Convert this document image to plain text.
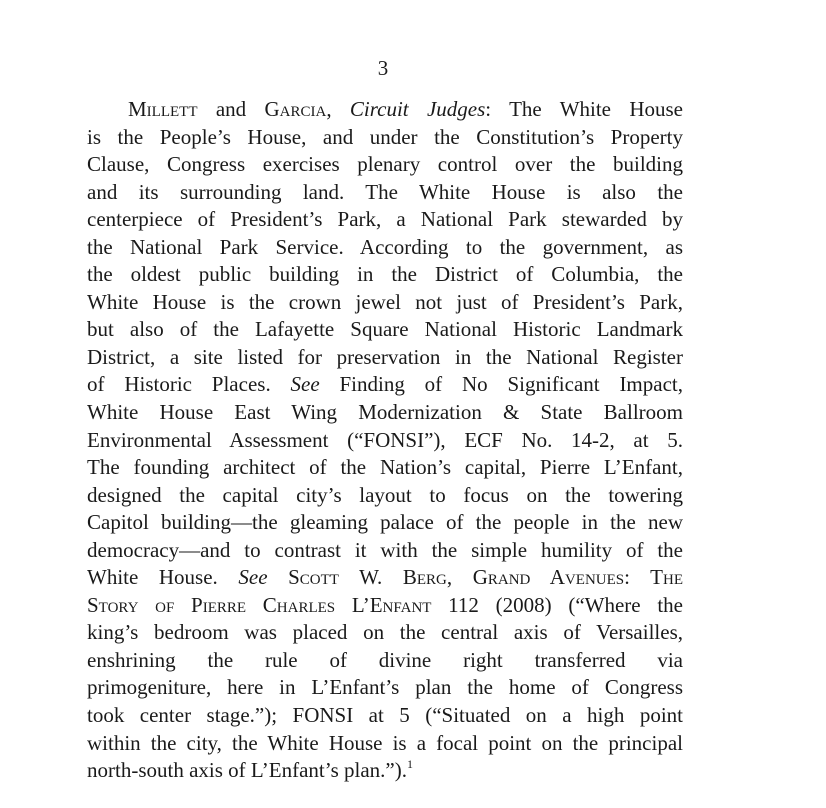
3
Millett and Garcia, Circuit Judges: The White House
is the People’s House, and under the Constitution’s Property
Clause, Congress exercises plenary control over the building
and its surrounding land. The White House is also the
centerpiece of President’s Park, a National Park stewarded by
the National Park Service. According to the government, as
the oldest public building in the District of Columbia, the
White House is the crown jewel not just of President’s Park,
but also of the Lafayette Square National Historic Landmark
District, a site listed for preservation in the National Register
of Historic Places. See Finding of No Significant Impact,
White House East Wing Modernization & State Ballroom
Environmental Assessment (“FONSI”), ECF No. 14-2, at 5.
The founding architect of the Nation’s capital, Pierre L’Enfant,
designed the capital city’s layout to focus on the towering
Capitol building—the gleaming palace of the people in the new
democracy—and to contrast it with the simple humility of the
White House. See Scott W. Berg, Grand Avenues: The
Story of Pierre Charles L’Enfant 112 (2008) (“Where the
king’s bedroom was placed on the central axis of Versailles,
enshrining the rule of divine right transferred via
primogeniture, here in L’Enfant’s plan the home of Congress
took center stage.”); FONSI at 5 (“Situated on a high point
within the city, the White House is a focal point on the principal
north-south axis of L’Enfant’s plan.”).$^1$
